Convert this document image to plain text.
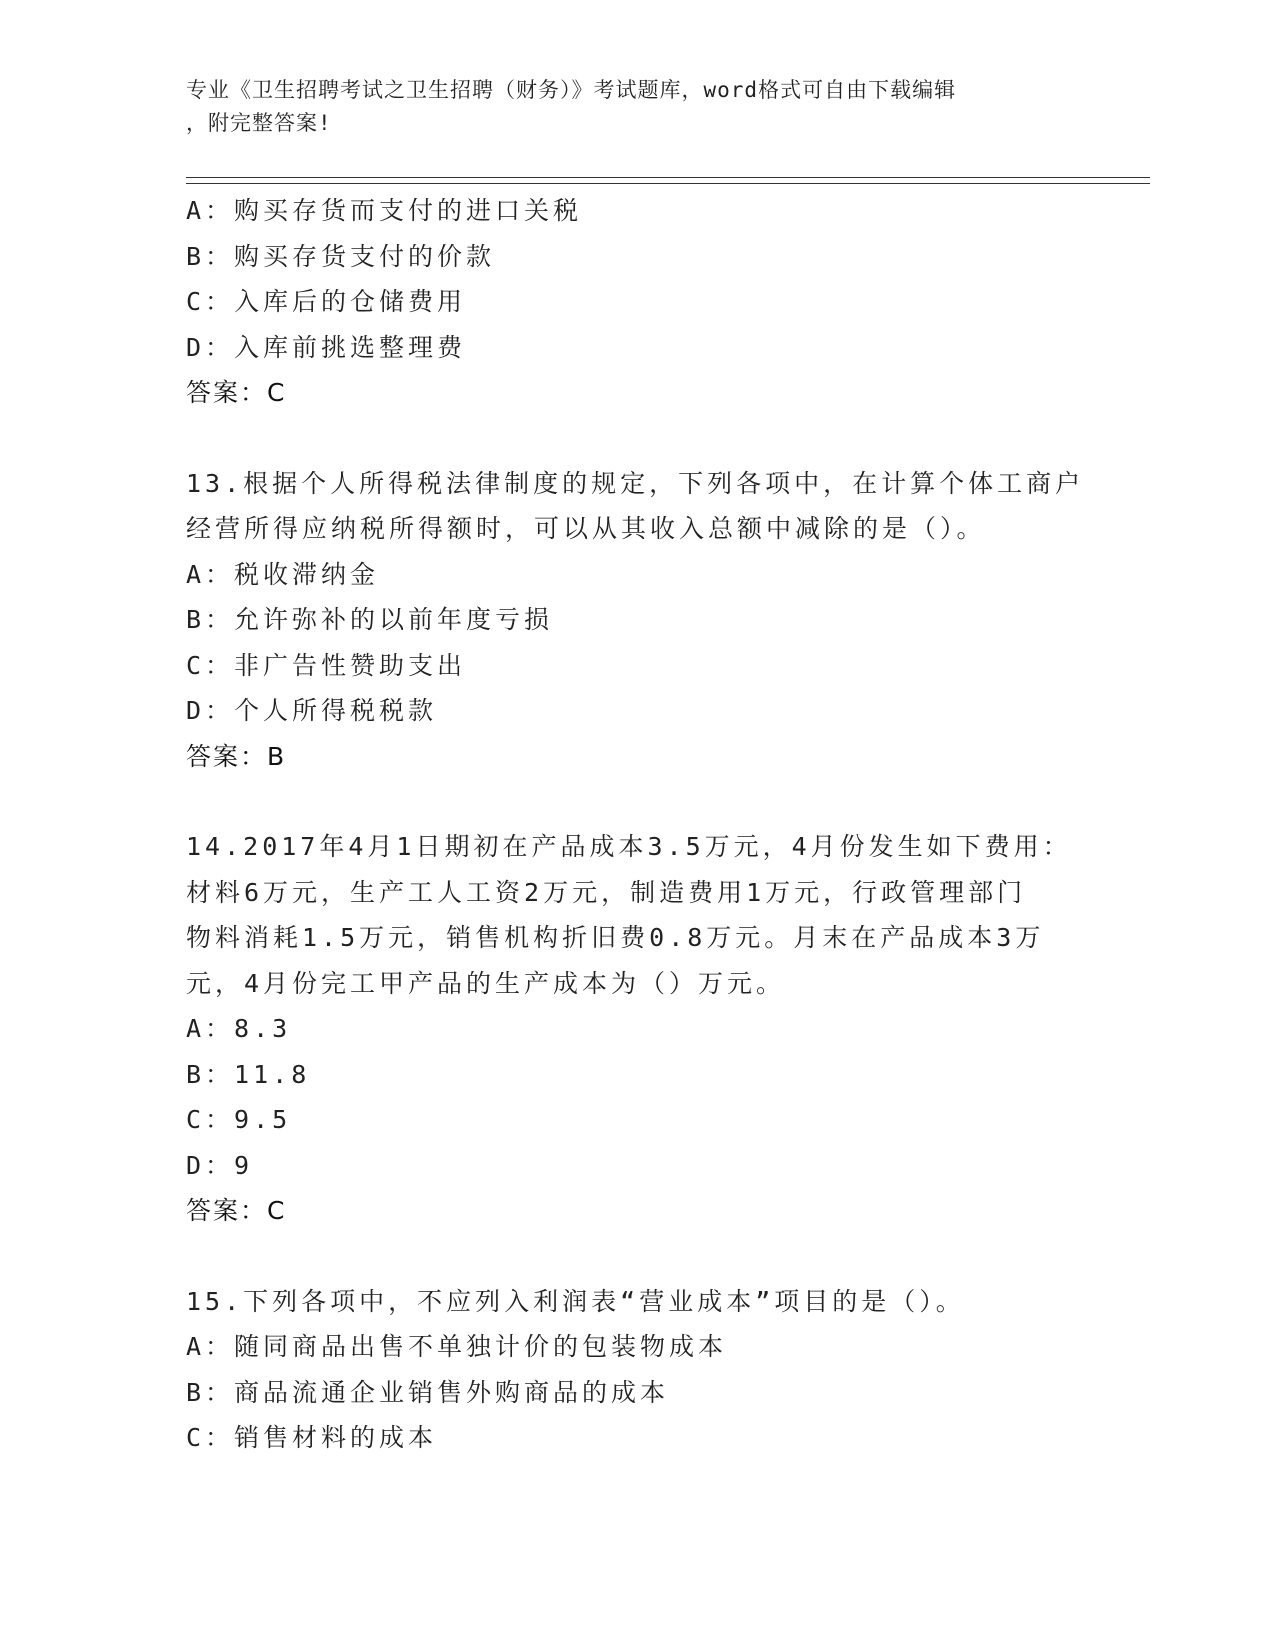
专业《卫生招聘考试之卫生招聘（财务）》考试题库，word格式可自由下载编辑
，附完整答案!
A：购买存货而支付的进口关税
B：购买存货支付的价款
C：入库后的仓储费用
D：入库前挑选整理费
答案：C
13.根据个人所得税法律制度的规定，下列各项中，在计算个体工商户
经营所得应纳税所得额时，可以从其收入总额中减除的是（）。
A：税收滞纳金
B：允许弥补的以前年度亏损
C：非广告性赞助支出
D：个人所得税税款
答案：B
14.2017年4月1日期初在产品成本3.5万元，4月份发生如下费用：
材料6万元，生产工人工资2万元，制造费用1万元，行政管理部门
物料消耗1.5万元，销售机构折旧费0.8万元。月末在产品成本3万
元，4月份完工甲产品的生产成本为（）万元。
A：8.3
B：11.8
C：9.5
D：9
答案：C
15.下列各项中，不应列入利润表“营业成本”项目的是（）。
A：随同商品出售不单独计价的包装物成本
B：商品流通企业销售外购商品的成本
C：销售材料的成本
